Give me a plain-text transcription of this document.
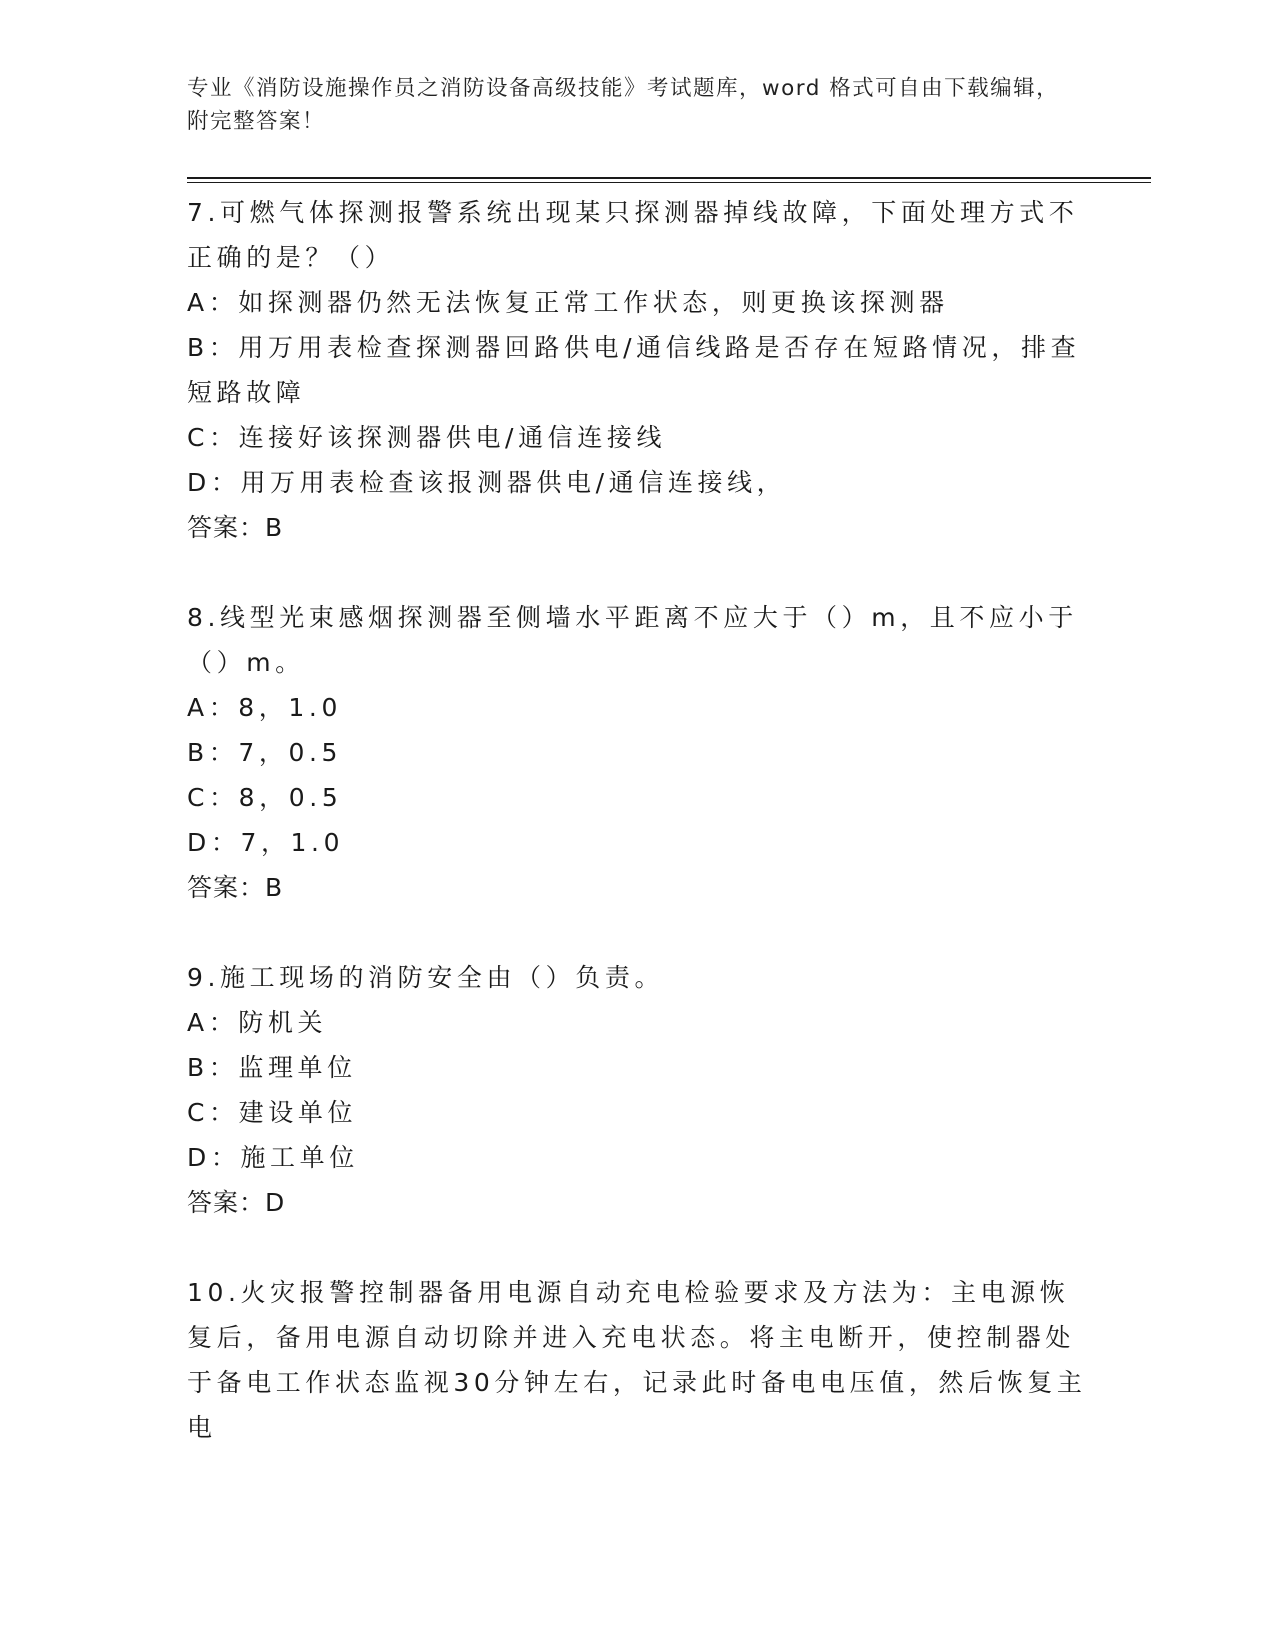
专业《消防设施操作员之消防设备高级技能》考试题库，word 格式可自由下载编辑，附完整答案！

7.可燃气体探测报警系统出现某只探测器掉线故障，下面处理方式不正确的是？（）

A：如探测器仍然无法恢复正常工作状态，则更换该探测器

B：用万用表检查探测器回路供电/通信线路是否存在短路情况，排查短路故障

C：连接好该探测器供电/通信连接线

D：用万用表检查该报测器供电/通信连接线，

答案：B

8.线型光束感烟探测器至侧墙水平距离不应大于（）m，且不应小于（）m。

A：8，1.0

B：7，0.5

C：8，0.5

D：7，1.0

答案：B

9.施工现场的消防安全由（）负责。

A：防机关

B：监理单位

C：建设单位

D：施工单位

答案：D

10.火灾报警控制器备用电源自动充电检验要求及方法为：主电源恢复后，备用电源自动切除并进入充电状态。将主电断开，使控制器处于备电工作状态监视30分钟左右，记录此时备电电压值，然后恢复主电
